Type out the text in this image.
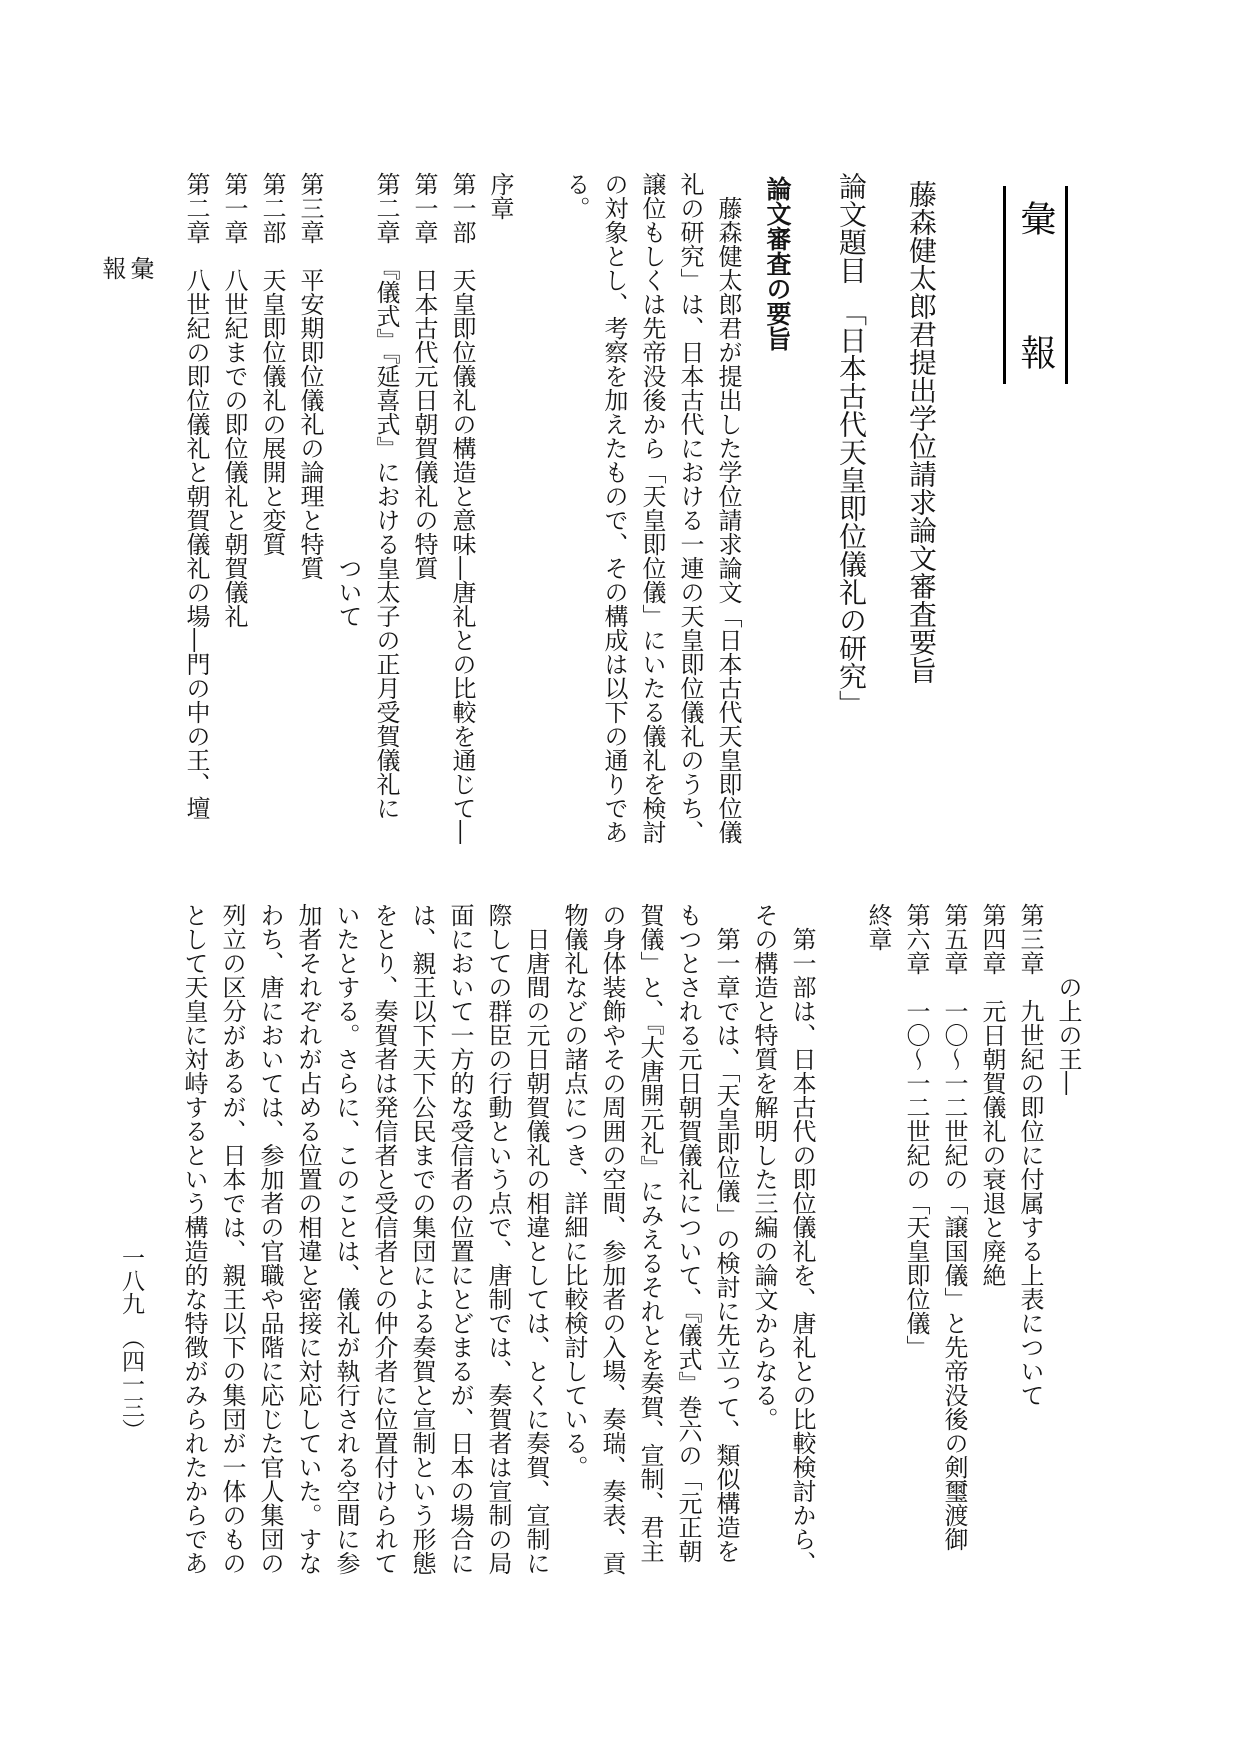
彙報
彙　報	藤森健太郎君提出学位請求論文審査要旨

論文題目　「日本古代天皇即位儀礼の研究」

論文審査の要旨

　藤森健太郎君が提出した学位請求論文「日本古代天皇即位儀

礼の研究」は、日本古代における一連の天皇即位儀礼のうち、

譲位もしくは先帝没後から「天皇即位儀」にいたる儀礼を検討

の対象とし、考察を加えたもので、その構成は以下の通りであ

る。

序章

第一部　天皇即位儀礼の構造と意味―唐礼との比較を通じて―

第一章　日本古代元日朝賀儀礼の特質

第二章　『儀式』『延喜式』における皇太子の正月受賀儀礼に

　　　　　　　　　　　　　　　　ついて

第三章　平安期即位儀礼の論理と特質

第二部　天皇即位儀礼の展開と変質

第一章　八世紀までの即位儀礼と朝賀儀礼

第二章　八世紀の即位儀礼と朝賀儀礼の場―門の中の王、壇

　　　の上の王―

第三章　九世紀の即位に付属する上表について

第四章　元日朝賀儀礼の衰退と廃絶

第五章　一〇〜一二世紀の「譲国儀」と先帝没後の剣璽渡御

第六章　一〇〜一二世紀の「天皇即位儀」

終章

　第一部は、日本古代の即位儀礼を、唐礼との比較検討から、

その構造と特質を解明した三編の論文からなる。

　第一章では、「天皇即位儀」の検討に先立って、類似構造を

もつとされる元日朝賀儀礼について、『儀式』巻六の「元正朝

賀儀」と、『大唐開元礼』にみえるそれとを奏賀、宣制、君主

の身体装飾やその周囲の空間、参加者の入場、奏瑞、奏表、貢

物儀礼などの諸点につき、詳細に比較検討している。

　日唐間の元日朝賀儀礼の相違としては、とくに奏賀、宣制に

際しての群臣の行動という点で、唐制では、奏賀者は宣制の局

面において一方的な受信者の位置にとどまるが、日本の場合に

は、親王以下天下公民までの集団による奏賀と宣制という形態

をとり、奏賀者は発信者と受信者との仲介者に位置付けられて

いたとする。さらに、このことは、儀礼が執行される空間に参

加者それぞれが占める位置の相違と密接に対応していた。すな

わち、唐においては、参加者の官職や品階に応じた官人集団の

列立の区分があるが、日本では、親王以下の集団が一体のもの

として天皇に対峙するという構造的な特徴がみられたからであ

一八九　（四一三）
